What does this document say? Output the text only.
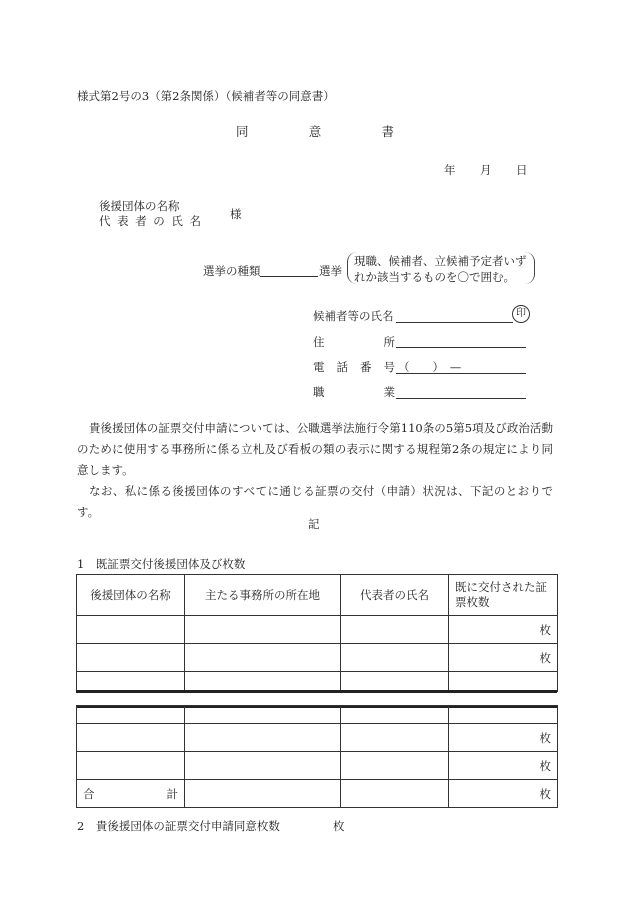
様式第2号の3（第2条関係）（候補者等の同意書）
同	意	書
年 月 日
後援団体の名称
代表者の氏名 様
選挙の種類	選挙
現職、候補者、立候補予定者いずれか該当するものを〇で囲む。
候補者等の氏名	印
住	所
電 話 番 号 （　　）　—
職	業
貴後援団体の証票交付申請については、公職選挙法施行令第110条の5第5項及び政治活動のために使用する事務所に係る立札及び看板の類の表示に関する規程第2条の規定により同意します。
なお、私に係る後援団体のすべてに通じる証票の交付（申請）状況は、下記のとおりです。
記
1　既証票交付後援団体及び枚数
後援団体の名称	主たる事務所の所在地	代表者の氏名	既に交付された証票枚数
			枚
			枚

			枚
			枚

合 計			枚
2　貴後援団体の証票交付申請同意枚数	枚
